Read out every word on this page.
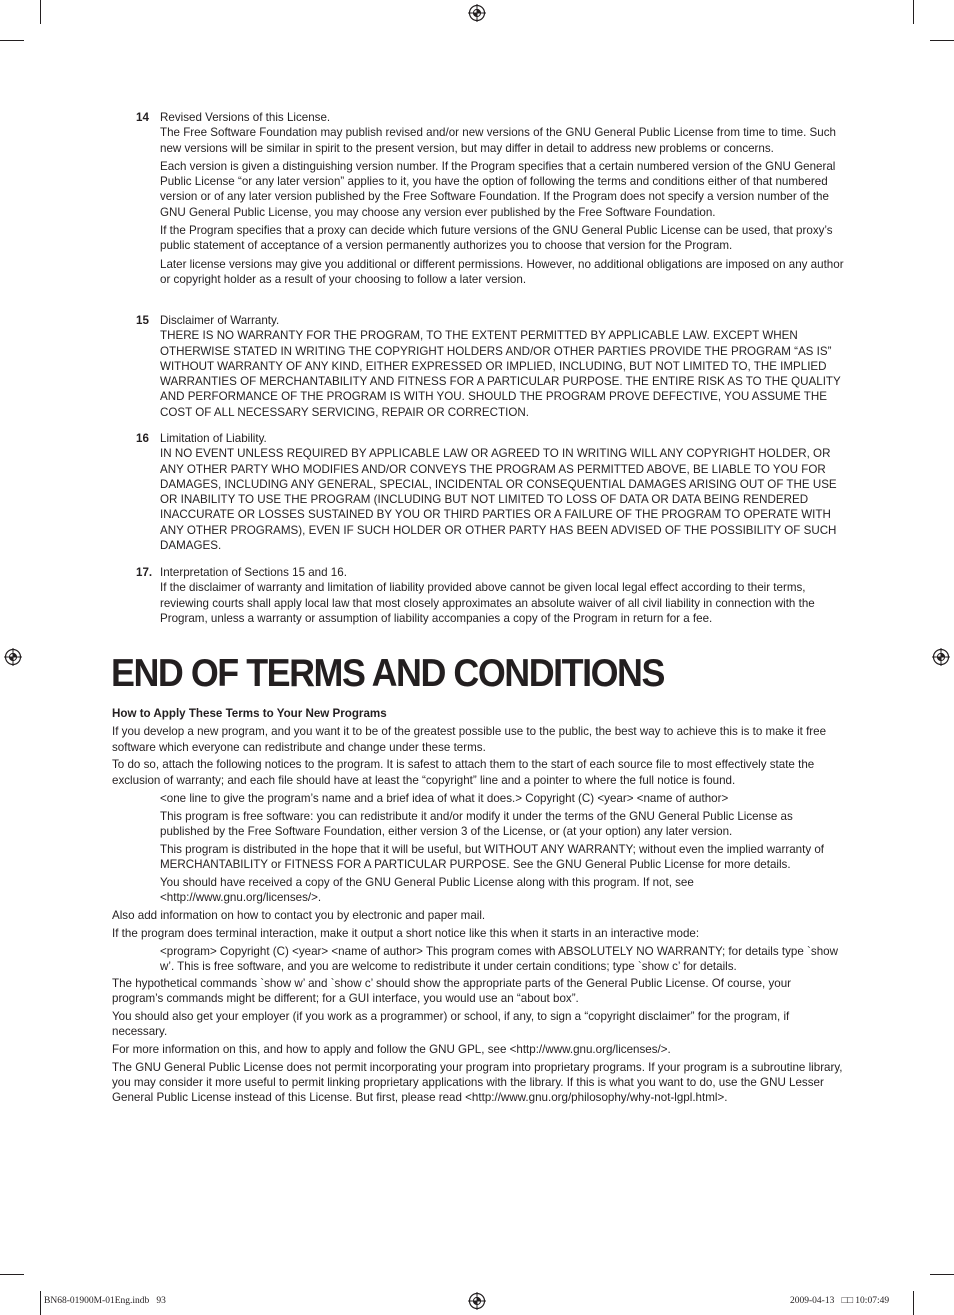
14 Revised Versions of this License.

The Free Software Foundation may publish revised and/or new versions of the GNU General Public License from time to time. Such new versions will be similar in spirit to the present version, but may differ in detail to address new problems or concerns.

Each version is given a distinguishing version number. If the Program specifies that a certain numbered version of the GNU General Public License “or any later version” applies to it, you have the option of following the terms and conditions either of that numbered version or of any later version published by the Free Software Foundation. If the Program does not specify a version number of the GNU General Public License, you may choose any version ever published by the Free Software Foundation.

If the Program specifies that a proxy can decide which future versions of the GNU General Public License can be used, that proxy’s public statement of acceptance of a version permanently authorizes you to choose that version for the Program.

Later license versions may give you additional or different permissions. However, no additional obligations are imposed on any author or copyright holder as a result of your choosing to follow a later version.

15 Disclaimer of Warranty.

THERE IS NO WARRANTY FOR THE PROGRAM, TO THE EXTENT PERMITTED BY APPLICABLE LAW. EXCEPT WHEN OTHERWISE STATED IN WRITING THE COPYRIGHT HOLDERS AND/OR OTHER PARTIES PROVIDE THE PROGRAM “AS IS” WITHOUT WARRANTY OF ANY KIND, EITHER EXPRESSED OR IMPLIED, INCLUDING, BUT NOT LIMITED TO, THE IMPLIED WARRANTIES OF MERCHANTABILITY AND FITNESS FOR A PARTICULAR PURPOSE. THE ENTIRE RISK AS TO THE QUALITY AND PERFORMANCE OF THE PROGRAM IS WITH YOU. SHOULD THE PROGRAM PROVE DEFECTIVE, YOU ASSUME THE COST OF ALL NECESSARY SERVICING, REPAIR OR CORRECTION.

16 Limitation of Liability.

IN NO EVENT UNLESS REQUIRED BY APPLICABLE LAW OR AGREED TO IN WRITING WILL ANY COPYRIGHT HOLDER, OR ANY OTHER PARTY WHO MODIFIES AND/OR CONVEYS THE PROGRAM AS PERMITTED ABOVE, BE LIABLE TO YOU FOR DAMAGES, INCLUDING ANY GENERAL, SPECIAL, INCIDENTAL OR CONSEQUENTIAL DAMAGES ARISING OUT OF THE USE OR INABILITY TO USE THE PROGRAM (INCLUDING BUT NOT LIMITED TO LOSS OF DATA OR DATA BEING RENDERED INACCURATE OR LOSSES SUSTAINED BY YOU OR THIRD PARTIES OR A FAILURE OF THE PROGRAM TO OPERATE WITH ANY OTHER PROGRAMS), EVEN IF SUCH HOLDER OR OTHER PARTY HAS BEEN ADVISED OF THE POSSIBILITY OF SUCH DAMAGES.

17. Interpretation of Sections 15 and 16.

If the disclaimer of warranty and limitation of liability provided above cannot be given local legal effect according to their terms, reviewing courts shall apply local law that most closely approximates an absolute waiver of all civil liability in connection with the Program, unless a warranty or assumption of liability accompanies a copy of the Program in return for a fee.

END OF TERMS AND CONDITIONS

How to Apply These Terms to Your New Programs

If you develop a new program, and you want it to be of the greatest possible use to the public, the best way to achieve this is to make it free software which everyone can redistribute and change under these terms.

To do so, attach the following notices to the program. It is safest to attach them to the start of each source file to most effectively state the exclusion of warranty; and each file should have at least the “copyright” line and a pointer to where the full notice is found.

<one line to give the program’s name and a brief idea of what it does.> Copyright (C) <year> <name of author>

This program is free software: you can redistribute it and/or modify it under the terms of the GNU General Public License as published by the Free Software Foundation, either version 3 of the License, or (at your option) any later version.

This program is distributed in the hope that it will be useful, but WITHOUT ANY WARRANTY; without even the implied warranty of MERCHANTABILITY or FITNESS FOR A PARTICULAR PURPOSE. See the GNU General Public License for more details.

You should have received a copy of the GNU General Public License along with this program. If not, see <http://www.gnu.org/licenses/>.

Also add information on how to contact you by electronic and paper mail.

If the program does terminal interaction, make it output a short notice like this when it starts in an interactive mode:

<program> Copyright (C) <year> <name of author> This program comes with ABSOLUTELY NO WARRANTY; for details type `show w’. This is free software, and you are welcome to redistribute it under certain conditions; type `show c’ for details.

The hypothetical commands `show w’ and `show c’ should show the appropriate parts of the General Public License. Of course, your program’s commands might be different; for a GUI interface, you would use an “about box”.

You should also get your employer (if you work as a programmer) or school, if any, to sign a “copyright disclaimer” for the program, if necessary.

For more information on this, and how to apply and follow the GNU GPL, see <http://www.gnu.org/licenses/>.

The GNU General Public License does not permit incorporating your program into proprietary programs. If your program is a subroutine library, you may consider it more useful to permit linking proprietary applications with the library. If this is what you want to do, use the GNU Lesser General Public License instead of this License. But first, please read <http://www.gnu.org/philosophy/why-not-lgpl.html>.

BN68-01900M-01Eng.indb   93	2009-04-13   □□ 10:07:49
